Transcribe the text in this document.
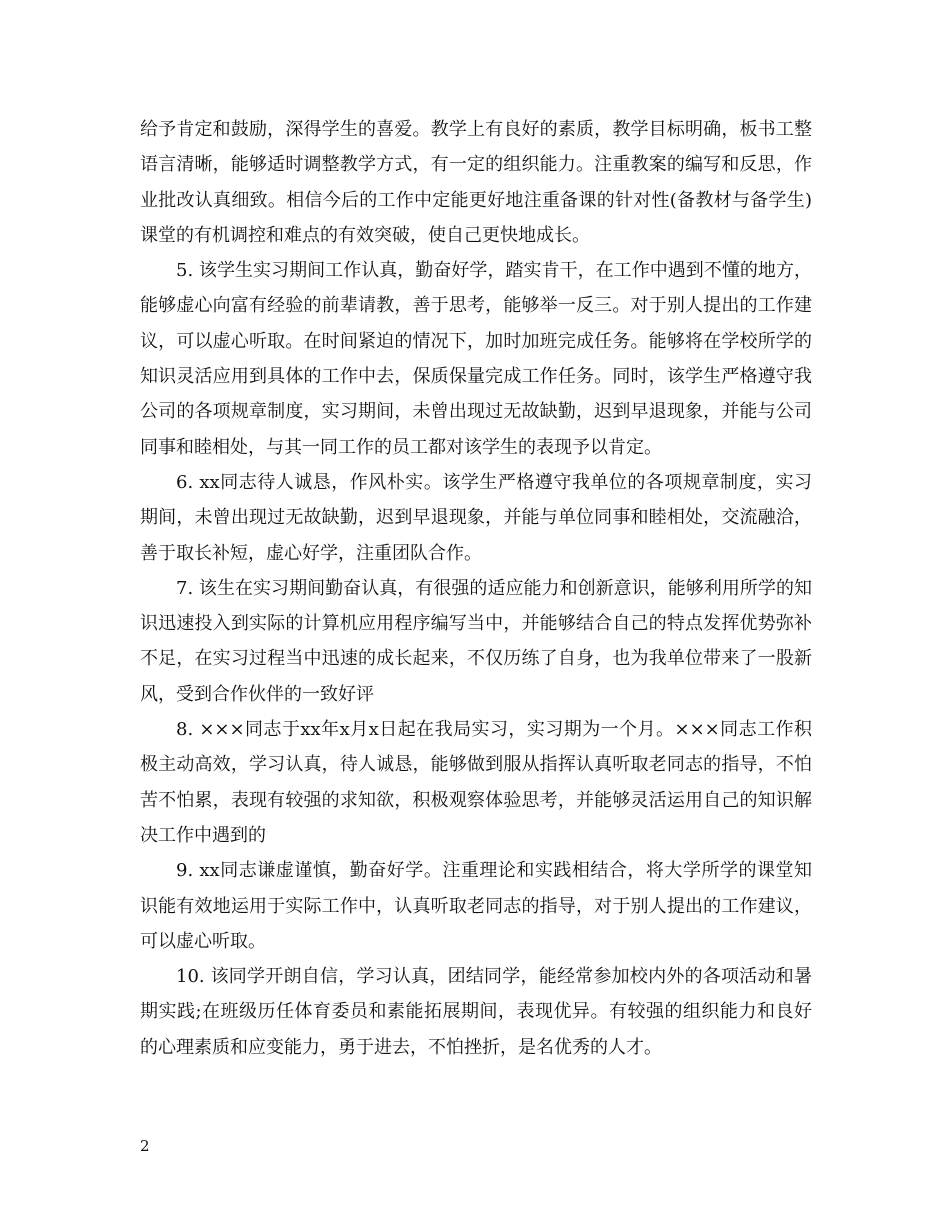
给予肯定和鼓励，深得学生的喜爱。教学上有良好的素质，教学目标明确，板书工整语言清晰，能够适时调整教学方式，有一定的组织能力。注重教案的编写和反思，作业批改认真细致。相信今后的工作中定能更好地注重备课的针对性(备教材与备学生)课堂的有机调控和难点的有效突破，使自己更快地成长。

5. 该学生实习期间工作认真，勤奋好学，踏实肯干，在工作中遇到不懂的地方，能够虚心向富有经验的前辈请教，善于思考，能够举一反三。对于别人提出的工作建议，可以虚心听取。在时间紧迫的情况下，加时加班完成任务。能够将在学校所学的知识灵活应用到具体的工作中去，保质保量完成工作任务。同时，该学生严格遵守我公司的各项规章制度，实习期间，未曾出现过无故缺勤，迟到早退现象，并能与公司同事和睦相处，与其一同工作的员工都对该学生的表现予以肯定。

6. xx同志待人诚恳，作风朴实。该学生严格遵守我单位的各项规章制度，实习期间，未曾出现过无故缺勤，迟到早退现象，并能与单位同事和睦相处，交流融洽，善于取长补短，虚心好学，注重团队合作。

7. 该生在实习期间勤奋认真，有很强的适应能力和创新意识，能够利用所学的知识迅速投入到实际的计算机应用程序编写当中，并能够结合自己的特点发挥优势弥补不足，在实习过程当中迅速的成长起来，不仅历练了自身，也为我单位带来了一股新风，受到合作伙伴的一致好评

8. ×××同志于xx年x月x日起在我局实习，实习期为一个月。×××同志工作积极主动高效，学习认真，待人诚恳，能够做到服从指挥认真听取老同志的指导，不怕苦不怕累，表现有较强的求知欲，积极观察体验思考，并能够灵活运用自己的知识解决工作中遇到的

9. xx同志谦虚谨慎，勤奋好学。注重理论和实践相结合，将大学所学的课堂知识能有效地运用于实际工作中，认真听取老同志的指导，对于别人提出的工作建议，可以虚心听取。

10. 该同学开朗自信，学习认真，团结同学，能经常参加校内外的各项活动和暑期实践;在班级历任体育委员和素能拓展期间，表现优异。有较强的组织能力和良好的心理素质和应变能力，勇于进去，不怕挫折，是名优秀的人才。

2
